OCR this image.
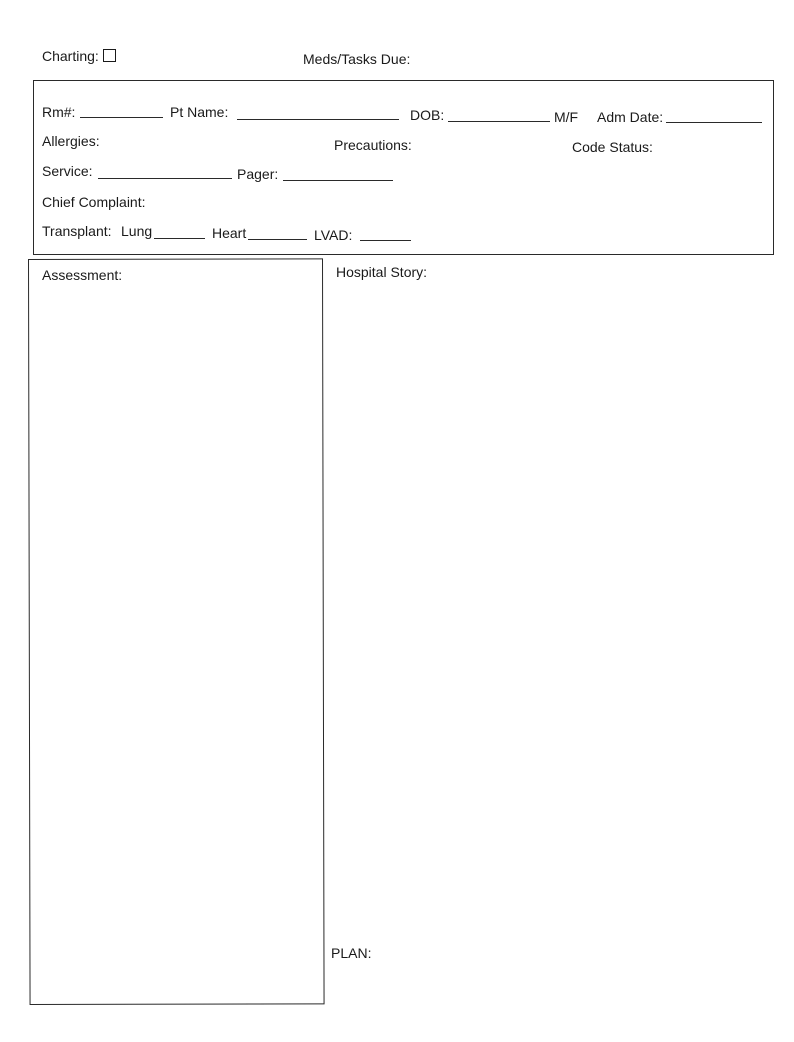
Charting:	Meds/Tasks Due:
Rm#:	Pt Name:	DOB:	M/F Adm Date:
Allergies:	Precautions:	Code Status:
Service:	Pager:
Chief Complaint:
Transplant: Lung	Heart	LVAD:
Assessment:	Hospital Story:
PLAN:
